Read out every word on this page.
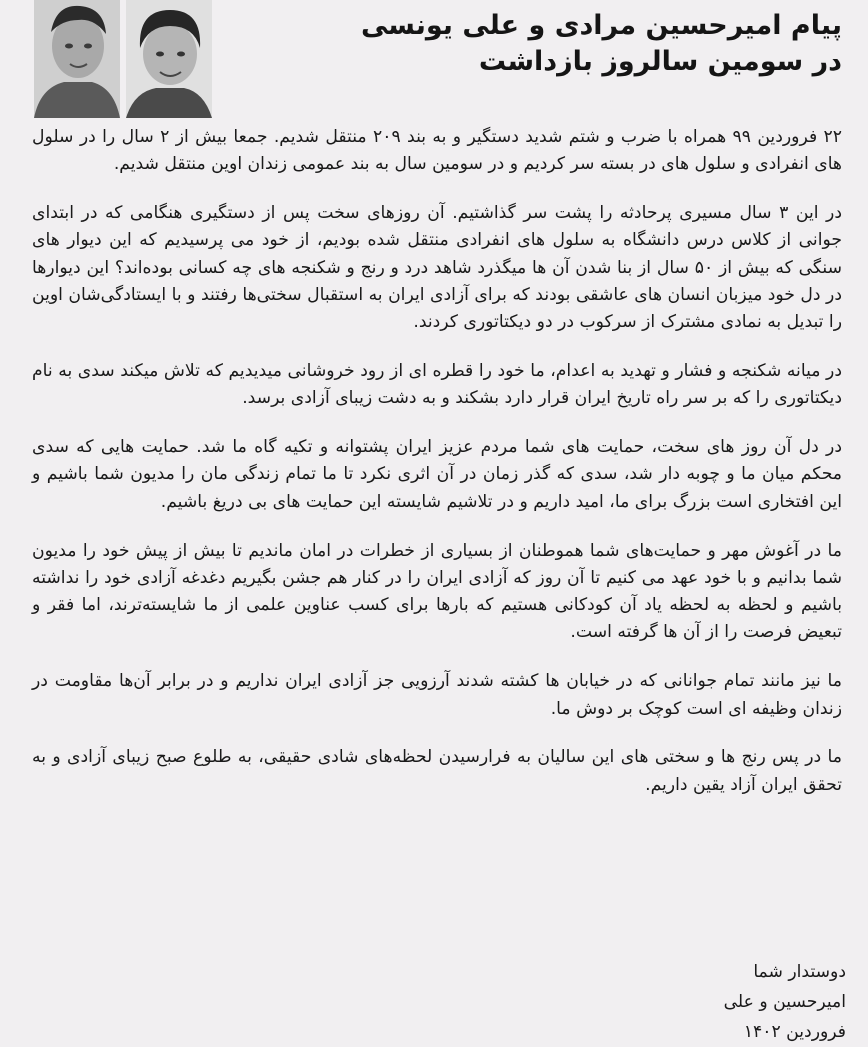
پیام امیرحسین مرادی و علی یونسی
در سومین سالروز بازداشت

۲۲ فروردین ۹۹ همراه با ضرب و شتم شدید دستگیر و به بند ۲۰۹ منتقل شدیم. جمعا بیش از ۲ سال را در سلول های انفرادی و سلول های در بسته سر کردیم و در سومین سال به بند عمومی زندان اوین منتقل شدیم.

در این ۳ سال مسیری پرحادثه را پشت سر گذاشتیم. آن روزهای سخت پس از دستگیری هنگامی که در ابتدای جوانی از کلاس درس دانشگاه به سلول های انفرادی منتقل شده بودیم، از خود می پرسیدیم که این دیوار های سنگی که بیش از ۵۰ سال از بنا شدن آن ها میگذرد شاهد درد و رنج و شکنجه های چه کسانی بوده‌اند؟ این دیوارها در دل خود میزبان انسان های عاشقی بودند که برای آزادی ایران به استقبال سختی‌ها رفتند و با ایستادگی‌شان اوین را تبدیل به نمادی مشترک از سرکوب در دو دیکتاتوری کردند.

در میانه شکنجه و فشار و تهدید به اعدام، ما خود را قطره ای از رود خروشانی میدیدیم که تلاش میکند سدی به نام دیکتاتوری را که بر سر راه تاریخ ایران قرار دارد بشکند و به دشت زیبای آزادی برسد.

در دل آن روز های سخت، حمایت های شما مردم عزیز ایران پشتوانه و تکیه گاه ما شد. حمایت هایی که سدی محکم میان ما و چوبه دار شد، سدی که گذر زمان در آن اثری نکرد تا ما تمام زندگی مان را مدیون شما باشیم و این افتخاری است بزرگ برای ما، امید داریم و در تلاشیم شایسته این حمایت های بی دریغ باشیم.

ما در آغوش مهر و حمایت‌های شما هموطنان از بسیاری از خطرات در امان ماندیم تا بیش از پیش خود را مدیون شما بدانیم و با خود عهد می کنیم تا آن روز که آزادی ایران را در کنار هم جشن بگیریم دغدغه آزادی خود را نداشته باشیم و لحظه به لحظه یاد آن کودکانی هستیم که بارها برای کسب عناوین علمی از ما شایسته‌ترند، اما فقر و تبعیض فرصت را از آن ها گرفته است.

ما نیز مانند تمام جوانانی که در خیابان ها کشته شدند آرزویی جز آزادی ایران نداریم و در برابر آن‌ها مقاومت در زندان وظیفه ای است کوچک بر دوش ما.

ما در پس رنج ها و سختی های این سالیان به فرارسیدن لحظه‌های شادی حقیقی، به طلوع صبح زیبای آزادی و به تحقق ایران آزاد یقین داریم.

دوستدار شما امیرحسین و علی
فروردین ۱۴۰۲
